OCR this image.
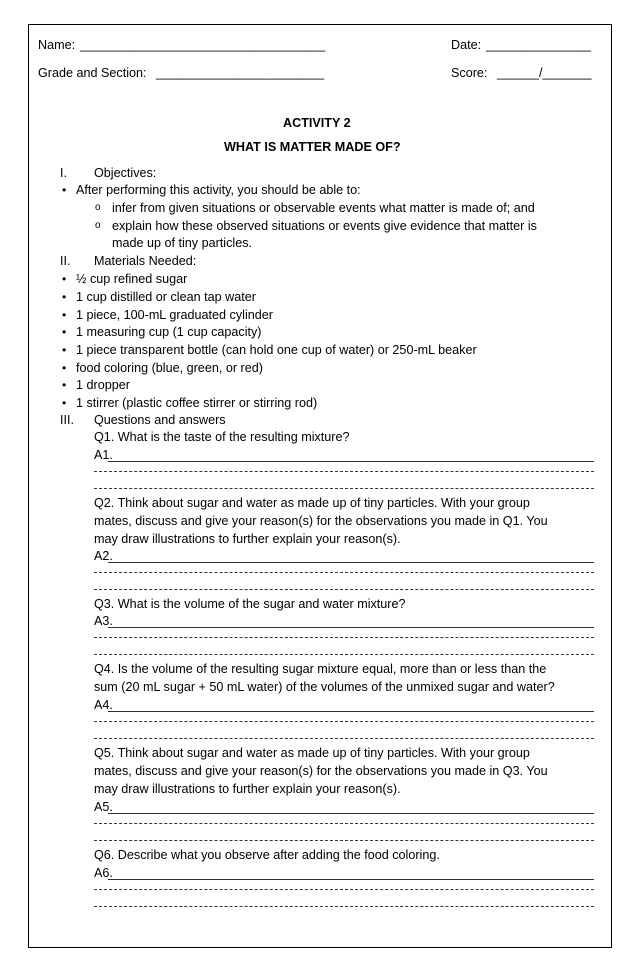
Name: ___________________________________	Date: _______________
Grade and Section: ________________________	Score: ______/_______
ACTIVITY 2
WHAT IS MATTER MADE OF?
I. Objectives:
• After performing this activity, you should be able to:
o infer from given situations or observable events what matter is made of; and
o explain how these observed situations or events give evidence that matter is
made up of tiny particles.
II. Materials Needed:
• ½ cup refined sugar
• 1 cup distilled or clean tap water
• 1 piece, 100-mL graduated cylinder
• 1 measuring cup (1 cup capacity)
• 1 piece transparent bottle (can hold one cup of water) or 250-mL beaker
• food coloring (blue, green, or red)
• 1 dropper
• 1 stirrer (plastic coffee stirrer or stirring rod)
III. Questions and answers
Q1. What is the taste of the resulting mixture?
A1.
Q2. Think about sugar and water as made up of tiny particles. With your group
mates, discuss and give your reason(s) for the observations you made in Q1. You
may draw illustrations to further explain your reason(s).
A2.
Q3. What is the volume of the sugar and water mixture?
A3.
Q4. Is the volume of the resulting sugar mixture equal, more than or less than the
sum (20 mL sugar + 50 mL water) of the volumes of the unmixed sugar and water?
A4.
Q5. Think about sugar and water as made up of tiny particles. With your group
mates, discuss and give your reason(s) for the observations you made in Q3. You
may draw illustrations to further explain your reason(s).
A5.
Q6. Describe what you observe after adding the food coloring.
A6.
